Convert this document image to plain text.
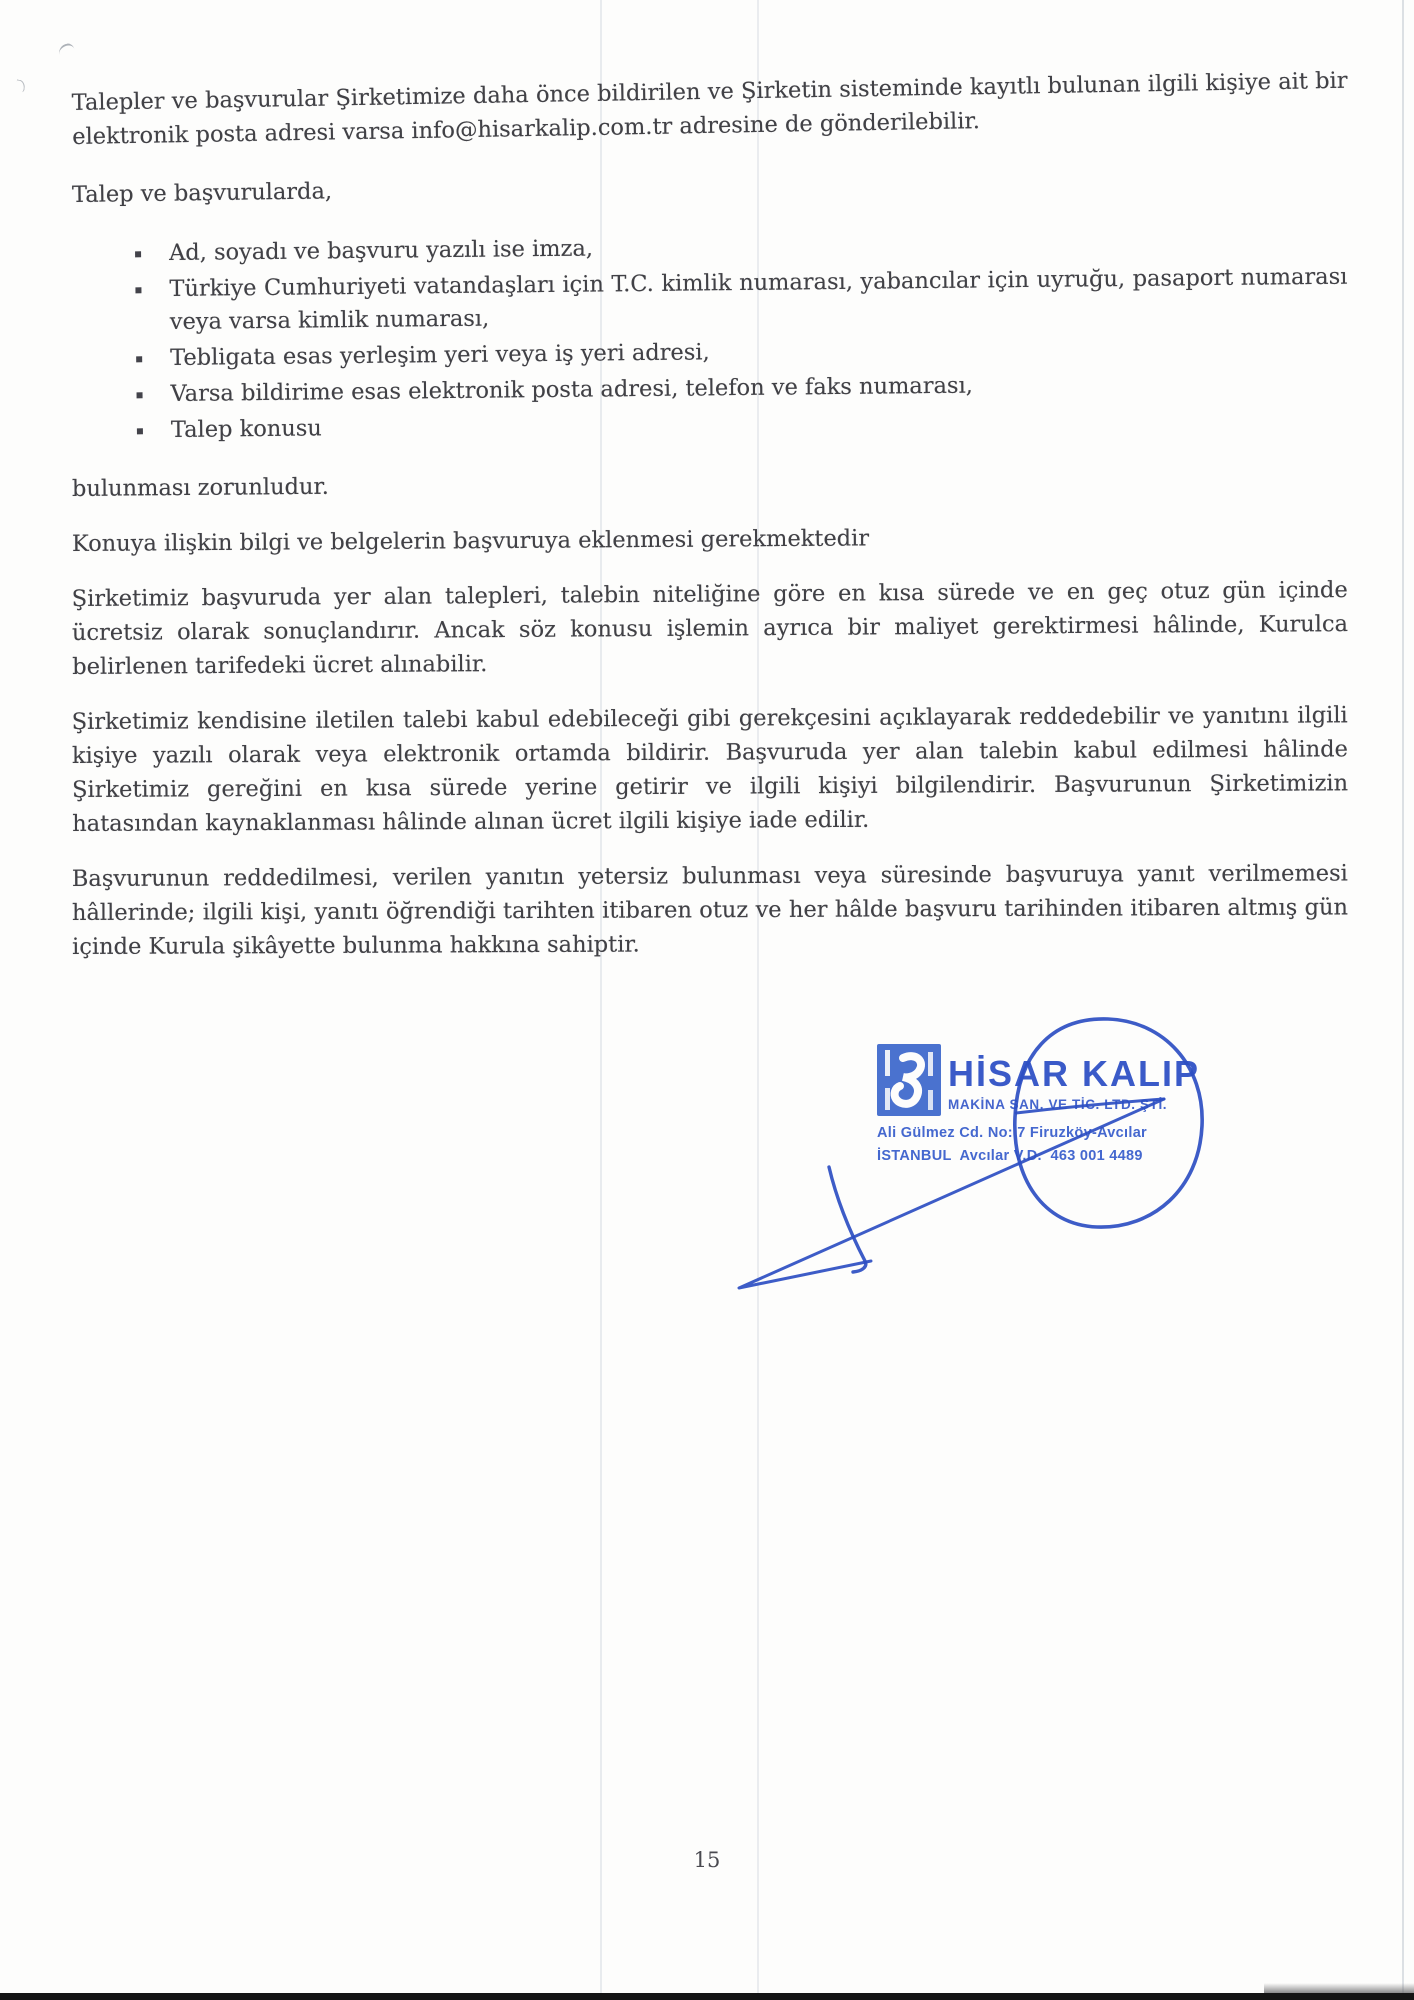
Talepler ve başvurular Şirketimize daha önce bildirilen ve Şirketin sisteminde kayıtlı bulunan ilgili kişiye ait bir elektronik posta adresi varsa info@hisarkalip.com.tr adresine de gönderilebilir.

Talep ve başvurularda,

Ad, soyadı ve başvuru yazılı ise imza,
Türkiye Cumhuriyeti vatandaşları için T.C. kimlik numarası, yabancılar için uyruğu, pasaport numarası veya varsa kimlik numarası,
Tebligata esas yerleşim yeri veya iş yeri adresi,
Varsa bildirime esas elektronik posta adresi, telefon ve faks numarası,
Talep konusu

bulunması zorunludur.

Konuya ilişkin bilgi ve belgelerin başvuruya eklenmesi gerekmektedir

Şirketimiz başvuruda yer alan talepleri, talebin niteliğine göre en kısa sürede ve en geç otuz gün içinde ücretsiz olarak sonuçlandırır. Ancak söz konusu işlemin ayrıca bir maliyet gerektirmesi hâlinde, Kurulca belirlenen tarifedeki ücret alınabilir.

Şirketimiz kendisine iletilen talebi kabul edebileceği gibi gerekçesini açıklayarak reddedebilir ve yanıtını ilgili kişiye yazılı olarak veya elektronik ortamda bildirir. Başvuruda yer alan talebin kabul edilmesi hâlinde Şirketimiz gereğini en kısa sürede yerine getirir ve ilgili kişiyi bilgilendirir. Başvurunun Şirketimizin hatasından kaynaklanması hâlinde alınan ücret ilgili kişiye iade edilir.

Başvurunun reddedilmesi, verilen yanıtın yetersiz bulunması veya süresinde başvuruya yanıt verilmemesi hâllerinde; ilgili kişi, yanıtı öğrendiği tarihten itibaren otuz ve her hâlde başvuru tarihinden itibaren altmış gün içinde Kurula şikâyette bulunma hakkına sahiptir.

HİSAR KALIP
MAKİNA SAN. VE TİC. LTD. ŞTİ.
Ali Gülmez Cd. No: 7 Firuzköy-Avcılar
İSTANBUL  Avcılar V.D.  463 001 4489
15
